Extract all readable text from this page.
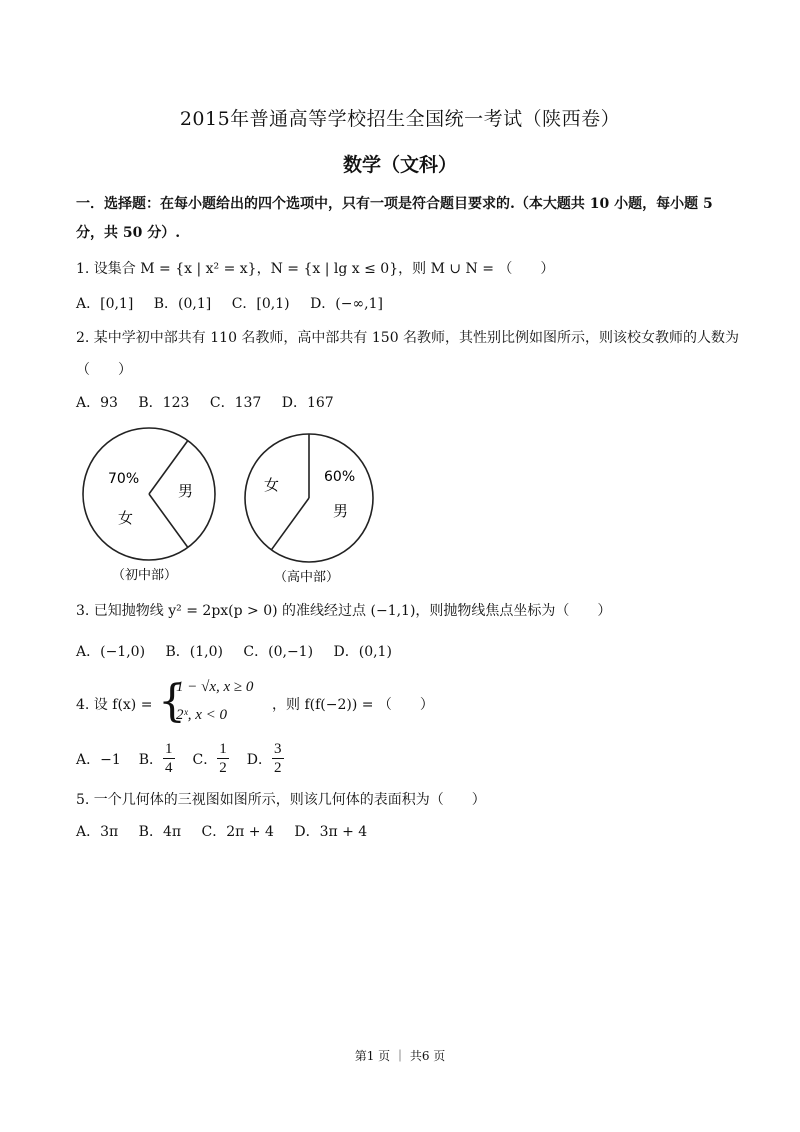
2015年普通高等学校招生全国统一考试（陕西卷）
数学（文科）
一．选择题：在每小题给出的四个选项中，只有一项是符合题目要求的.（本大题共 10 小题，每小题 5 分，共 50 分）.
1. 设集合 M = {x | x² = x}，N = {x | lg x ≤ 0}，则 M ∪ N = （　　）
A．[0,1] B．(0,1] C．[0,1) D．(−∞,1]
2. 某中学初中部共有 110 名教师，高中部共有 150 名教师，其性别比例如图所示，则该校女教师的人数为
（　　）
A．93 B．123 C．137 D．167
70%
女
男
（初中部）
60%
女
男
（高中部）
3. 已知抛物线 y² = 2px(p > 0) 的准线经过点 (−1,1)，则抛物线焦点坐标为（　　）
A．(−1,0) B．(1,0) C．(0,−1) D．(0,1)
4. 设 f(x) = {
1 − √x, x ≥ 0
2ˣ, x < 0
，则 f(f(−2)) = （　　）
A．−1 B． $\frac{1}{4}$ C． $\frac{1}{2}$ D． $\frac{3}{2}$
5. 一个几何体的三视图如图所示，则该几何体的表面积为（　　）
A．3π B．4π C．2π + 4 D．3π + 4
第1 页 ｜ 共6 页
